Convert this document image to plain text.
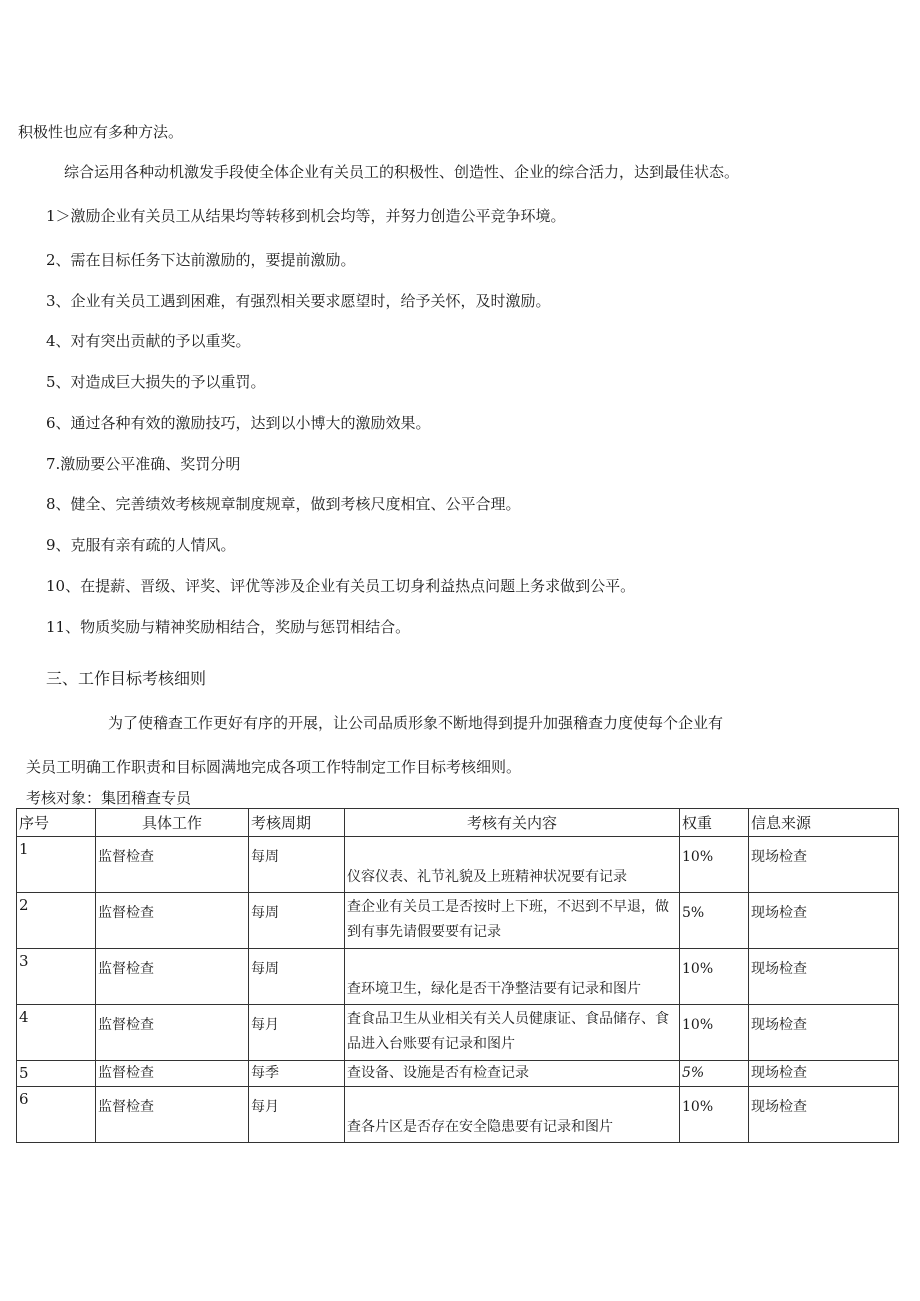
积极性也应有多种方法。
综合运用各种动机激发手段使全体企业有关员工的积极性、创造性、企业的综合活力，达到最佳状态。
1＞激励企业有关员工从结果均等转移到机会均等，并努力创造公平竞争环境。
2、需在目标任务下达前激励的，要提前激励。
3、企业有关员工遇到困难，有强烈相关要求愿望时，给予关怀，及时激励。
4、对有突出贡献的予以重奖。
5、对造成巨大损失的予以重罚。
6、通过各种有效的激励技巧，达到以小博大的激励效果。
7.激励要公平准确、奖罚分明
8、健全、完善绩效考核规章制度规章，做到考核尺度相宜、公平合理。
9、克服有亲有疏的人情风。
10、在提薪、晋级、评奖、评优等涉及企业有关员工切身利益热点问题上务求做到公平。
11、物质奖励与精神奖励相结合，奖励与惩罚相结合。
三、工作目标考核细则
为了使稽查工作更好有序的开展，让公司品质形象不断地得到提升加强稽查力度使每个企业有
关员工明确工作职责和目标圆满地完成各项工作特制定工作目标考核细则。
考核对象：集团稽查专员
序号	具体工作	考核周期	考核有关内容	权重	信息来源
1	监督检查	每周	仪容仪表、礼节礼貌及上班精神状况要有记录	10%	现场检查
2	监督检查	每周	查企业有关员工是否按时上下班，不迟到不早退，做到有事先请假要要有记录	5%	现场检查
3	监督检查	每周	查环境卫生，绿化是否干净整洁要有记录和图片	10%	现场检查
4	监督检查	每月	査食品卫生从业相关有关人员健康证、食品储存、食品进入台账要有记录和图片	10%	现场检查
5	监督检查	每季	查设备、设施是否有检查记录	5%	现场检查
6	监督检查	每月	查各片区是否存在安全隐患要有记录和图片	10%	现场检查
